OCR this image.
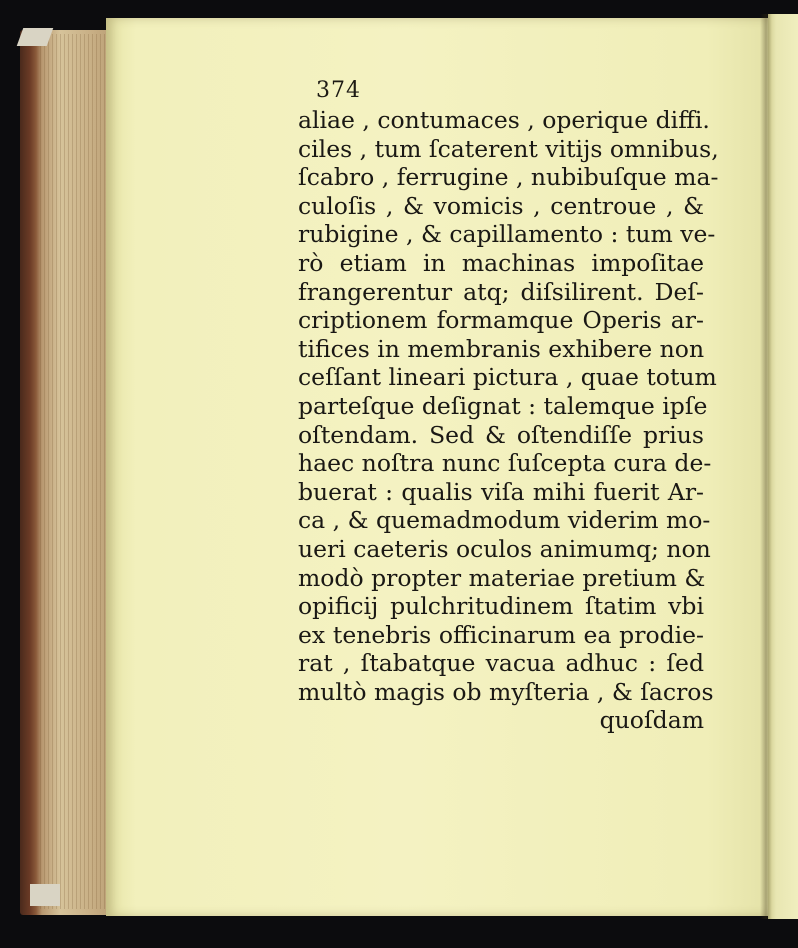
374
aliae , contumaces , operique diffi.
ciles , tum ſcaterent vitijs omnibus,
ſcabro , ferrugine , nubibuſque ma-
culoſis , & vomicis , centroue , &
rubigine , & capillamento : tum ve-
rò etiam in machinas impoſitae
frangerentur atq; diſsilirent. Deſ-
criptionem formamque Operis ar-
tifices in membranis exhibere non
ceſſant lineari pictura , quae totum
parteſque deſignat : talemque ipſe
oſtendam. Sed & oſtendiſſe prius
haec noſtra nunc ſuſcepta cura de-
buerat : qualis viſa mihi fuerit Ar-
ca , & quemadmodum viderim mo-
ueri caeteris oculos animumq; non
modò propter materiae pretium &
opificij pulchritudinem ſtatim vbi
ex tenebris officinarum ea prodie-
rat , ſtabatque vacua adhuc : ſed
multò magis ob myſteria , & ſacros
quoſdam
